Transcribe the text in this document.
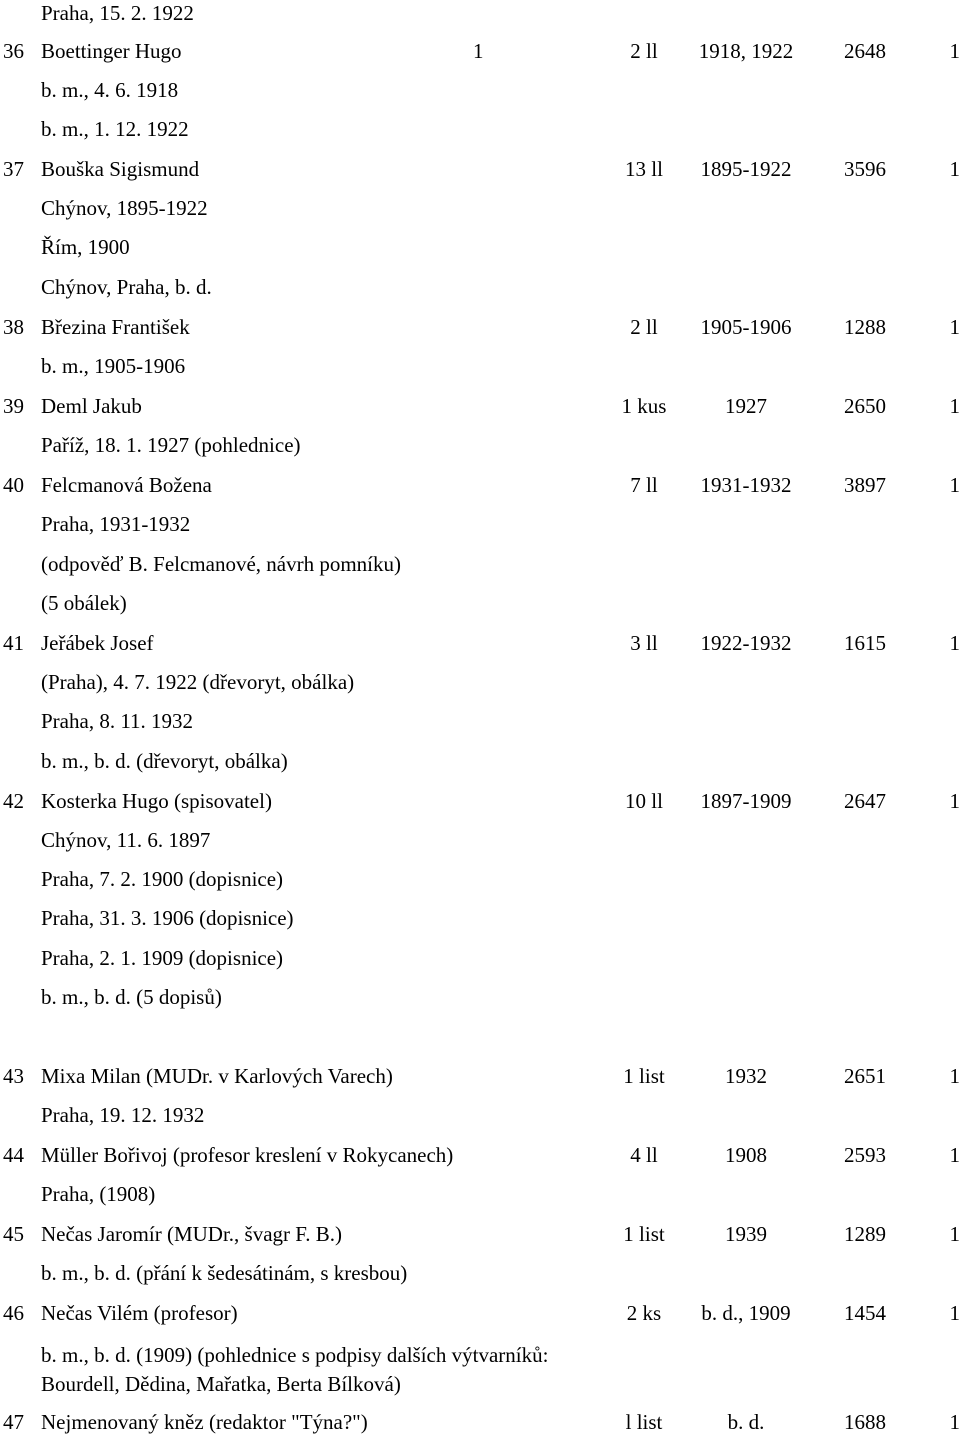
Praha, 15. 2. 1922
36 Boettinger Hugo	1	2 ll	1918, 1922	2648	1
b. m., 4. 6. 1918
b. m., 1. 12. 1922
37 Bouška Sigismund	13 ll	1895-1922	3596	1
Chýnov, 1895-1922
Řím, 1900
Chýnov, Praha, b. d.
38 Březina František	2 ll	1905-1906	1288	1
b. m., 1905-1906
39 Deml Jakub	1 kus	1927	2650	1
Paříž, 18. 1. 1927 (pohlednice)
40 Felcmanová Božena	7 ll	1931-1932	3897	1
Praha, 1931-1932
(odpověď B. Felcmanové, návrh pomníku)
(5 obálek)
41 Jeřábek Josef	3 ll	1922-1932	1615	1
(Praha), 4. 7. 1922 (dřevoryt, obálka)
Praha, 8. 11. 1932
b. m., b. d. (dřevoryt, obálka)
42 Kosterka Hugo (spisovatel)	10 ll	1897-1909	2647	1
Chýnov, 11. 6. 1897
Praha, 7. 2. 1900 (dopisnice)
Praha, 31. 3. 1906 (dopisnice)
Praha, 2. 1. 1909 (dopisnice)
b. m., b. d. (5 dopisů)
43 Mixa Milan (MUDr. v Karlových Varech)	1 list	1932	2651	1
Praha, 19. 12. 1932
44 Müller Bořivoj (profesor kreslení v Rokycanech)	4 ll	1908	2593	1
Praha, (1908)
45 Nečas Jaromír (MUDr., švagr F. B.)	1 list	1939	1289	1
b. m., b. d. (přání k šedesátinám, s kresbou)
46 Nečas Vilém (profesor)	2 ks	b. d., 1909	1454	1
b. m., b. d. (1909) (pohlednice s podpisy dalších výtvarníků: Bourdell, Dědina, Mařatka, Berta Bílková)
47 Nejmenovaný kněz (redaktor "Týna?")	l list	b. d.	1688	1
